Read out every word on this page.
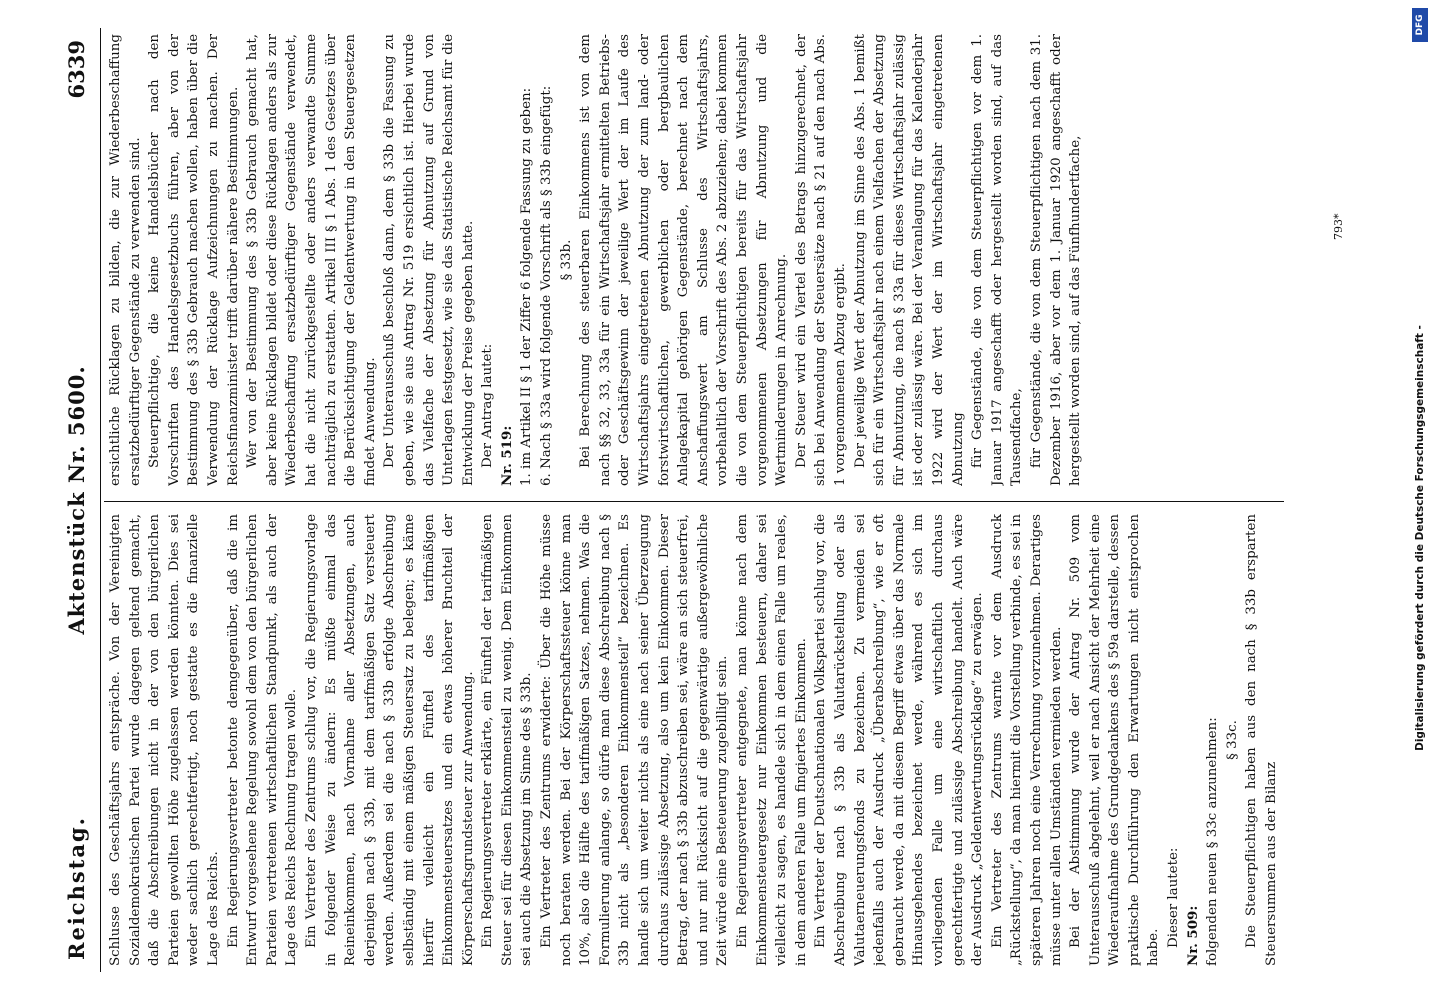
Reichstag.
Aktenstück Nr. 5600.
6339

Schlusse des Geschäftsjahrs entspräche. Von der Vereinigten Sozialdemokratischen Partei wurde dagegen geltend gemacht, daß die Abschreibungen nicht in der von den bürgerlichen Parteien gewollten Höhe zugelassen werden könnten. Dies sei weder sachlich gerechtfertigt, noch gestatte es die finanzielle Lage des Reichs. Ein Regierungsvertreter betonte demgegenüber, daß die im Entwurf vorgesehene Regelung sowohl dem von den bürgerlichen Parteien vertretenen wirtschaftlichen Standpunkt, als auch der Lage des Reichs Rechnung tragen wolle. Ein Vertreter des Zentrums schlug vor, die Regierungsvorlage in folgender Weise zu ändern: Es müßte einmal das Reineinkommen, nach Vornahme aller Absetzungen, auch derjenigen nach § 33b, mit dem tarifmäßigen Satz versteuert werden. Außerdem sei die nach § 33b erfolgte Abschreibung selbständig mit einem mäßigen Steuersatz zu belegen; es käme hierfür vielleicht ein Fünftel des tarifmäßigen Einkommensteuersatzes und ein etwas höherer Bruchteil der Körperschaftsgrundsteuer zur Anwendung. Ein Regierungsvertreter erklärte, ein Fünftel der tarifmäßigen Steuer sei für diesen Einkommensteil zu wenig. Dem Einkommen sei auch die Absetzung im Sinne des § 33b. Ein Vertreter des Zentrums erwiderte: Über die Höhe müsse noch beraten werden. Bei der Körperschaftssteuer könne man 10%, also die Hälfte des tarifmäßigen Satzes, nehmen. Was die Formulierung anlange, so dürfe man diese Abschreibung nach § 33b nicht als „besonderen Einkommensteil“ bezeichnen. Es handle sich um weiter nichts als eine nach seiner Überzeugung durchaus zulässige Absetzung, also um kein Einkommen. Dieser Betrag, der nach § 33b abzuschreiben sei, wäre an sich steuerfrei, und nur mit Rücksicht auf die gegenwärtige außergewöhnliche Zeit würde eine Besteuerung zugebilligt sein. Ein Regierungsvertreter entgegnete, man könne nach dem Einkommensteuergesetz nur Einkommen besteuern, daher sei vielleicht zu sagen, es handele sich in dem einen Falle um reales, in dem anderen Falle um fingiertes Einkommen. Ein Vertreter der Deutschnationalen Volkspartei schlug vor, die Abschreibung nach § 33b als Valutarückstellung oder als Valutaerneuerungsfonds zu bezeichnen. Zu vermeiden sei jedenfalls auch der Ausdruck „Überabschreibung“, wie er oft gebraucht werde, da mit diesem Begriff etwas über das Normale Hinausgehendes bezeichnet werde, während es sich im vorliegenden Falle um eine wirtschaftlich durchaus gerechtfertigte und zulässige Abschreibung handelt. Auch wäre der Ausdruck „Geldentwertungsrücklage“ zu erwägen. Ein Vertreter des Zentrums warnte vor dem Ausdruck „Rückstellung“, da man hiermit die Vorstellung verbinde, es sei in späteren Jahren noch eine Verrechnung vorzunehmen. Derartiges müsse unter allen Umständen vermieden werden. Bei der Abstimmung wurde der Antrag Nr. 509 vom Unterausschuß abgelehnt, weil er nach Ansicht der Mehrheit eine Wiederaufnahme des Grundgedankens des § 59a darstelle, dessen praktische Durchführung den Erwartungen nicht entsprochen habe. Dieser lautete: Nr. 509: folgenden neuen § 33c anzunehmen: § 33c. Die Steuerpflichtigen haben aus den nach § 33b ersparten Steuersummen aus der Bilanz

ersichtliche Rücklagen zu bilden, die zur Wiederbeschaffung ersatzbedürftiger Gegenstände zu verwenden sind. Steuerpflichtige, die keine Handelsbücher nach den Vorschriften des Handelsgesetzbuchs führen, aber von der Bestimmung des § 33b Gebrauch machen wollen, haben über die Verwendung der Rücklage Aufzeichnungen zu machen. Der Reichsfinanzminister trifft darüber nähere Bestimmungen. Wer von der Bestimmung des § 33b Gebrauch gemacht hat, aber keine Rücklagen bildet oder diese Rücklagen anders als zur Wiederbeschaffung ersatzbedürftiger Gegenstände verwendet, hat die nicht zurückgestellte oder anders verwandte Summe nachträglich zu erstatten. Artikel III § 1 Abs. 1 des Gesetzes über die Berücksichtigung der Geldentwertung in den Steuergesetzen findet Anwendung. Der Unterausschuß beschloß dann, dem § 33b die Fassung zu geben, wie sie aus Antrag Nr. 519 ersichtlich ist. Hierbei wurde das Vielfache der Absetzung für Abnutzung auf Grund von Unterlagen festgesetzt, wie sie das Statistische Reichsamt für die Entwicklung der Preise gegeben hatte. Der Antrag lautet: Nr. 519: 1. im Artikel II § 1 der Ziffer 6 folgende Fassung zu geben: 6. Nach § 33a wird folgende Vorschrift als § 33b eingefügt: § 33b. Bei Berechnung des steuerbaren Einkommens ist von dem nach §§ 32, 33, 33a für ein Wirtschaftsjahr ermittelten Betriebs- oder Geschäftsgewinn der jeweilige Wert der im Laufe des Wirtschaftsjahrs eingetretenen Abnutzung der zum land- oder forstwirtschaftlichen, gewerblichen oder bergbaulichen Anlagekapital gehörigen Gegenstände, berechnet nach dem Anschaffungswert am Schlusse des Wirtschaftsjahrs, vorbehaltlich der Vorschrift des Abs. 2 abzuziehen; dabei kommen die von dem Steuerpflichtigen bereits für das Wirtschaftsjahr vorgenommenen Absetzungen für Abnutzung und die Wertminderungen in Anrechnung. Der Steuer wird ein Viertel des Betrags hinzugerechnet, der sich bei Anwendung der Steuersätze nach § 21 auf den nach Abs. 1 vorgenommenen Abzug ergibt. Der jeweilige Wert der Abnutzung im Sinne des Abs. 1 bemißt sich für ein Wirtschaftsjahr nach einem Vielfachen der Absetzung für Abnutzung, die nach § 33a für dieses Wirtschaftsjahr zulässig ist oder zulässig wäre. Bei der Veranlagung für das Kalenderjahr 1922 wird der Wert der im Wirtschaftsjahr eingetretenen Abnutzung für Gegenstände, die von dem Steuerpflichtigen vor dem 1. Januar 1917 angeschafft oder hergestellt worden sind, auf das Tausendfache, für Gegenstände, die von dem Steuerpflichtigen nach dem 31. Dezember 1916, aber vor dem 1. Januar 1920 angeschafft oder hergestellt worden sind, auf das Fünfhundertfache,	793*
DFG
Digitalisierung gefördert durch die Deutsche Forschungsgemeinschaft -
